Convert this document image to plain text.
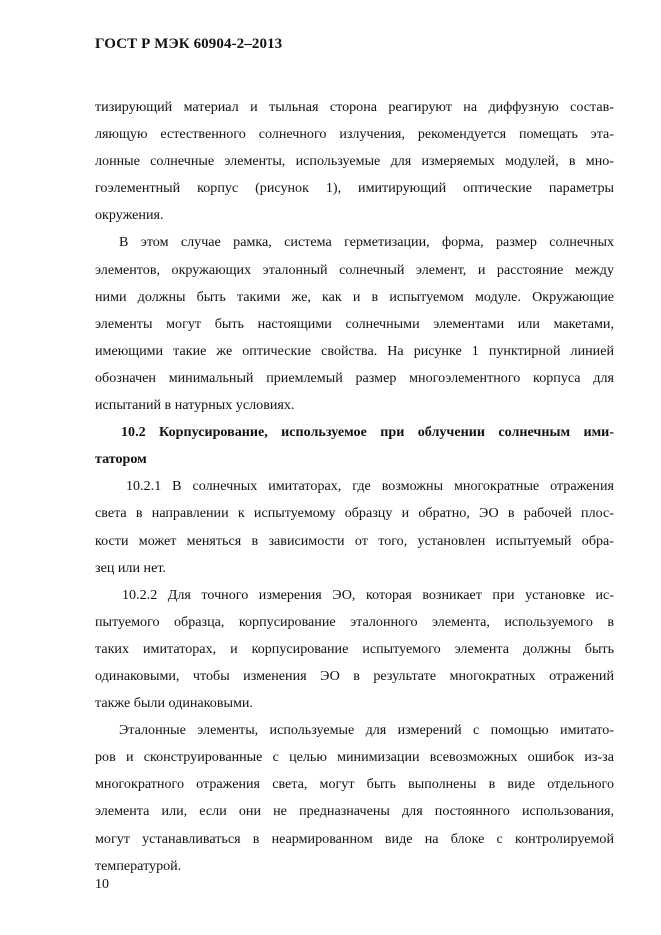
ГОСТ Р МЭК 60904-2–2013
тизирующий материал и тыльная сторона реагируют на диффузную состав-
ляющую естественного солнечного излучения, рекомендуется помещать эта-
лонные солнечные элементы, используемые для измеряемых модулей, в мно-
гоэлементный корпус (рисунок 1), имитирующий оптические параметры
окружения.
В этом случае рамка, система герметизации, форма, размер солнечных
элементов, окружающих эталонный солнечный элемент, и расстояние между
ними должны быть такими же, как и в испытуемом модуле. Окружающие
элементы могут быть настоящими солнечными элементами или макетами,
имеющими такие же оптические свойства. На рисунке 1 пунктирной линией
обозначен минимальный приемлемый размер многоэлементного корпуса для
испытаний в натурных условиях.
10.2 Корпусирование, используемое при облучении солнечным ими-
татором
10.2.1 В солнечных имитаторах, где возможны многократные отражения
света в направлении к испытуемому образцу и обратно, ЭО в рабочей плос-
кости может меняться в зависимости от того, установлен испытуемый обра-
зец или нет.
10.2.2 Для точного измерения ЭО, которая возникает при установке ис-
пытуемого образца, корпусирование эталонного элемента, используемого в
таких имитаторах, и корпусирование испытуемого элемента должны быть
одинаковыми, чтобы изменения ЭО в результате многократных отражений
также были одинаковыми.
Эталонные элементы, используемые для измерений с помощью имитато-
ров и сконструированные с целью минимизации всевозможных ошибок из-за
многократного отражения света, могут быть выполнены в виде отдельного
элемента или, если они не предназначены для постоянного использования,
могут устанавливаться в неармированном виде на блоке с контролируемой
температурой.
10
